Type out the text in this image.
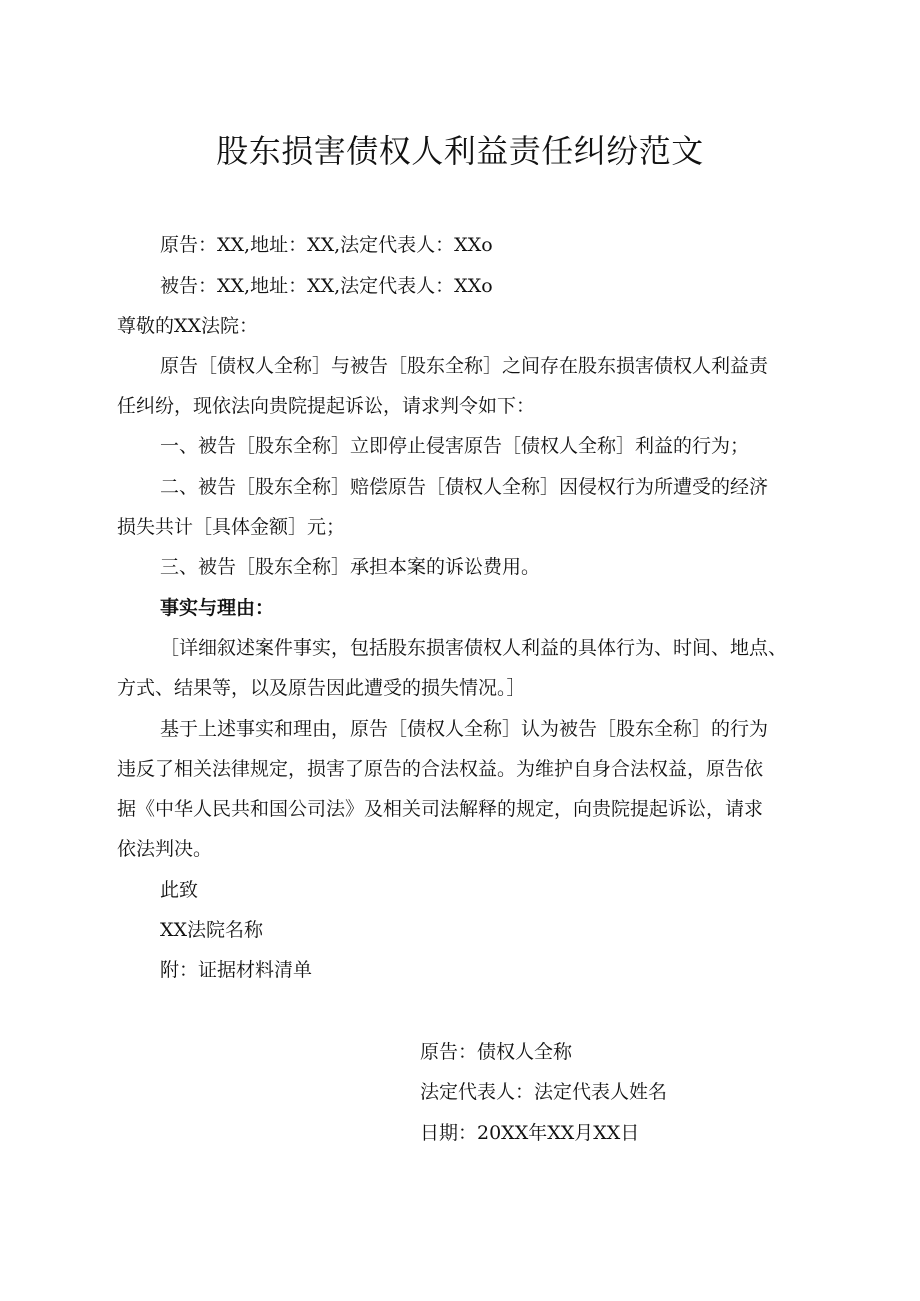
股东损害债权人利益责任纠纷范文

原告：XX,地址：XX,法定代表人：XXo

被告：XX,地址：XX,法定代表人：XXo

尊敬的XX法院：

原告［债权人全称］与被告［股东全称］之间存在股东损害债权人利益责

任纠纷，现依法向贵院提起诉讼，请求判令如下：

一、被告［股东全称］立即停止侵害原告［债权人全称］利益的行为；

二、被告［股东全称］赔偿原告［债权人全称］因侵权行为所遭受的经济

损失共计［具体金额］元；

三、被告［股东全称］承担本案的诉讼费用。

事实与理由：

［详细叙述案件事实，包括股东损害债权人利益的具体行为、时间、地点、

方式、结果等，以及原告因此遭受的损失情况。］

基于上述事实和理由，原告［债权人全称］认为被告［股东全称］的行为

违反了相关法律规定，损害了原告的合法权益。为维护自身合法权益，原告依

据《中华人民共和国公司法》及相关司法解释的规定，向贵院提起诉讼，请求

依法判决。

此致

XX法院名称

附：证据材料清单

原告：债权人全称

法定代表人：法定代表人姓名

日期：20XX年XX月XX日
